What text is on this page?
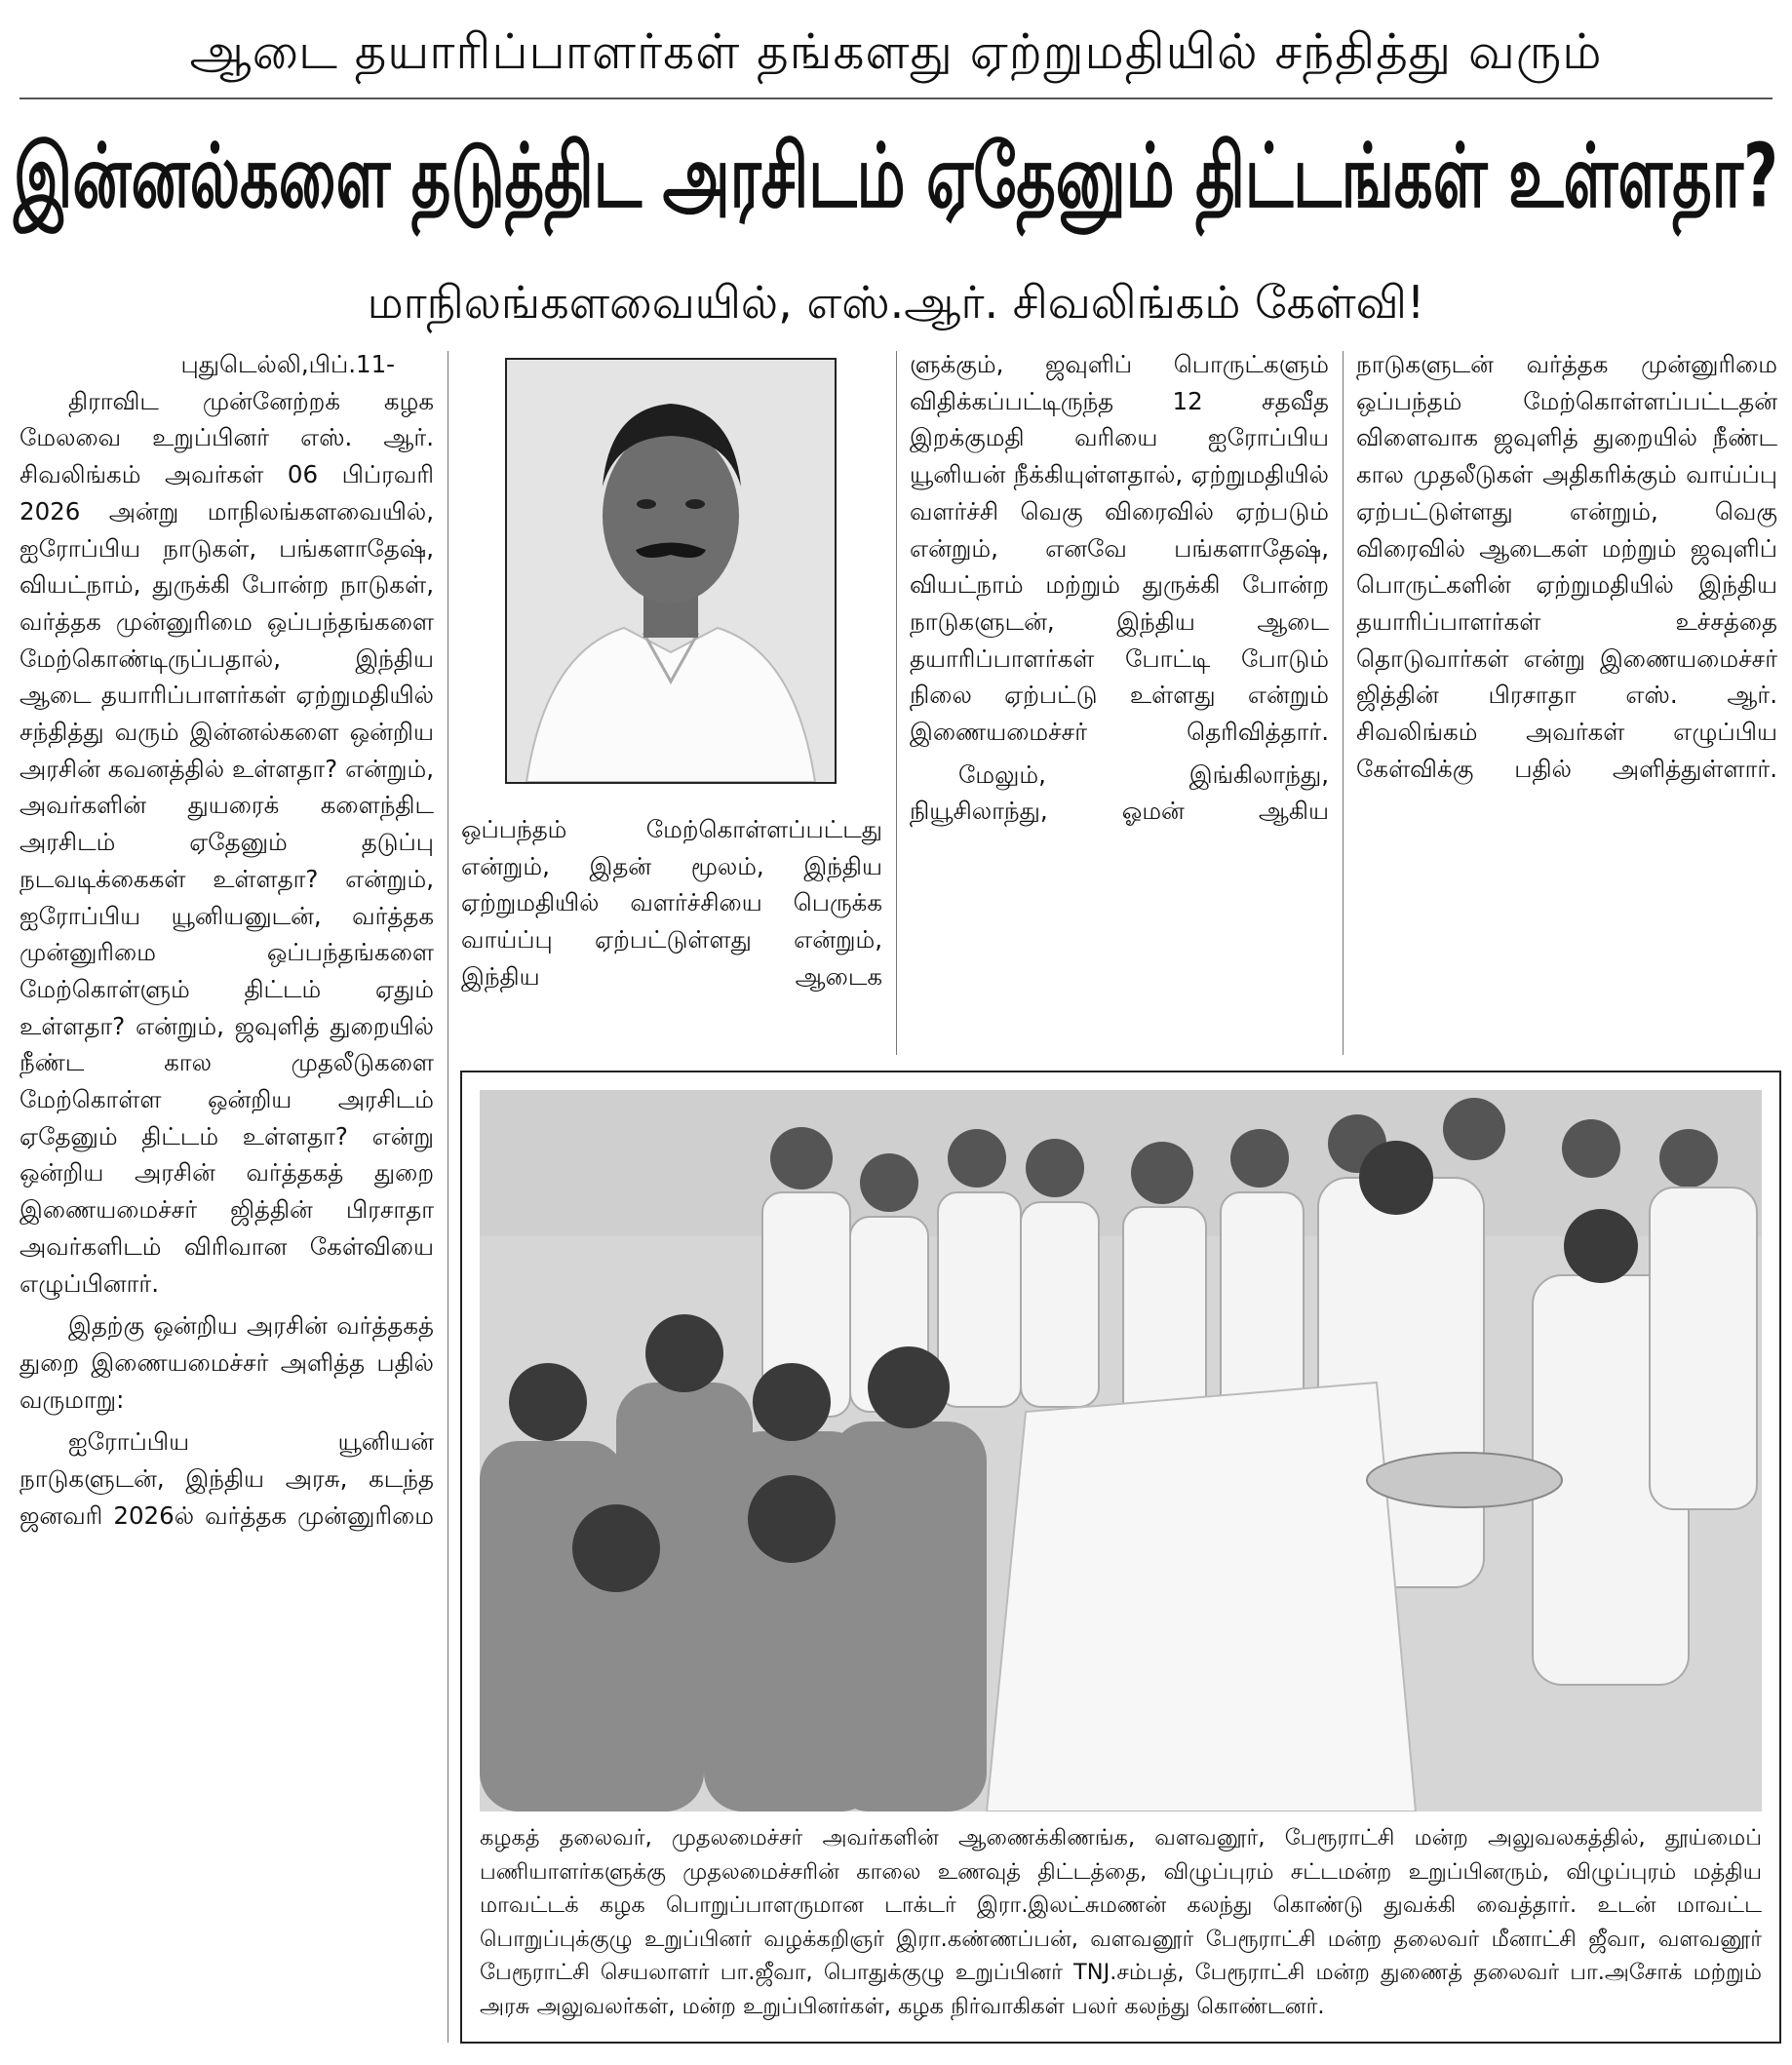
ஆடை தயாரிப்பாளர்கள் தங்களது ஏற்றுமதியில் சந்தித்து வரும்
இன்னல்களை தடுத்திட அரசிடம் ஏதேனும் திட்டங்கள் உள்ளதா?
மாநிலங்களவையில், எஸ்.ஆர். சிவலிங்கம் கேள்வி!

புதுடெல்லி,பிப்.11-

திராவிட முன்னேற்றக் கழக மேலவை உறுப்பினர் எஸ். ஆர். சிவலிங்கம் அவர்கள் 06 பிப்ரவரி 2026 அன்று மாநிலங்களவையில், ஐரோப்பிய நாடுகள், பங்களாதேஷ், வியட்நாம், துருக்கி போன்ற நாடுகள், வர்த்தக முன்னுரிமை ஒப்பந்தங்களை மேற்கொண்டிருப்பதால், இந்திய ஆடை தயாரிப்பாளர்கள் ஏற்றுமதியில் சந்தித்து வரும் இன்னல்களை ஒன்றிய அரசின் கவனத்தில் உள்ளதா? என்றும், அவர்களின் துயரைக் களைந்திட அரசிடம் ஏதேனும் தடுப்பு நடவடிக்கைகள் உள்ளதா? என்றும், ஐரோப்பிய யூனியனுடன், வர்த்தக முன்னுரிமை ஒப்பந்தங்களை மேற்கொள்ளும் திட்டம் ஏதும் உள்ளதா? என்றும், ஜவுளித் துறையில் நீண்ட கால முதலீடுகளை மேற்கொள்ள ஒன்றிய அரசிடம் ஏதேனும் திட்டம் உள்ளதா? என்று ஒன்றிய அரசின் வர்த்தகத் துறை இணையமைச்சர் ஜித்தின் பிரசாதா அவர்களிடம் விரிவான கேள்வியை எழுப்பினார்.

இதற்கு ஒன்றிய அரசின் வர்த்தகத் துறை இணையமைச்சர் அளித்த பதில் வருமாறு:

ஐரோப்பிய யூனியன் நாடுகளுடன், இந்திய அரசு, கடந்த ஜனவரி 2026ல் வர்த்தக முன்னுரிமை

ஒப்பந்தம் மேற்கொள்ளப்பட்டது என்றும், இதன் மூலம், இந்திய ஏற்றுமதியில் வளர்ச்சியை பெருக்க வாய்ப்பு ஏற்பட்டுள்ளது என்றும், இந்திய ஆடைக

ளுக்கும், ஜவுளிப் பொருட்களும் விதிக்கப்பட்டிருந்த 12 சதவீத இறக்குமதி வரியை ஐரோப்பிய யூனியன் நீக்கியுள்ளதால், ஏற்றுமதியில் வளர்ச்சி வெகு விரைவில் ஏற்படும் என்றும், எனவே பங்களாதேஷ், வியட்நாம் மற்றும் துருக்கி போன்ற நாடுகளுடன், இந்திய ஆடை தயாரிப்பாளர்கள் போட்டி போடும் நிலை ஏற்பட்டு உள்ளது என்றும் இணையமைச்சர் தெரிவித்தார்.

மேலும், இங்கிலாந்து, நியூசிலாந்து, ஓமன் ஆகிய

நாடுகளுடன் வர்த்தக முன்னுரிமை ஒப்பந்தம் மேற்கொள்ளப்பட்டதன் விளைவாக ஜவுளித் துறையில் நீண்ட கால முதலீடுகள் அதிகரிக்கும் வாய்ப்பு ஏற்பட்டுள்ளது என்றும், வெகு விரைவில் ஆடைகள் மற்றும் ஜவுளிப் பொருட்களின் ஏற்றுமதியில் இந்திய தயாரிப்பாளர்கள் உச்சத்தை தொடுவார்கள் என்று இணையமைச்சர் ஜித்தின் பிரசாதா எஸ். ஆர். சிவலிங்கம் அவர்கள் எழுப்பிய கேள்விக்கு பதில் அளித்துள்ளார்.

கழகத் தலைவர், முதலமைச்சர் அவர்களின் ஆணைக்கிணங்க, வளவனூர், பேரூராட்சி மன்ற அலுவலகத்தில், தூய்மைப் பணியாளர்களுக்கு முதலமைச்சரின் காலை உணவுத் திட்டத்தை, விழுப்புரம் சட்டமன்ற உறுப்பினரும், விழுப்புரம் மத்திய மாவட்டக் கழக பொறுப்பாளருமான டாக்டர் இரா.இலட்சுமணன் கலந்து கொண்டு துவக்கி வைத்தார். உடன் மாவட்ட பொறுப்புக்குழு உறுப்பினர் வழக்கறிஞர் இரா.கண்ணப்பன், வளவனூர் பேரூராட்சி மன்ற தலைவர் மீனாட்சி ஜீவா, வளவனூர் பேரூராட்சி செயலாளர் பா.ஜீவா, பொதுக்குழு உறுப்பினர் TNJ.சம்பத், பேரூராட்சி மன்ற துணைத் தலைவர் பா.அசோக் மற்றும் அரசு அலுவலர்கள், மன்ற உறுப்பினர்கள், கழக நிர்வாகிகள் பலர் கலந்து கொண்டனர்.
